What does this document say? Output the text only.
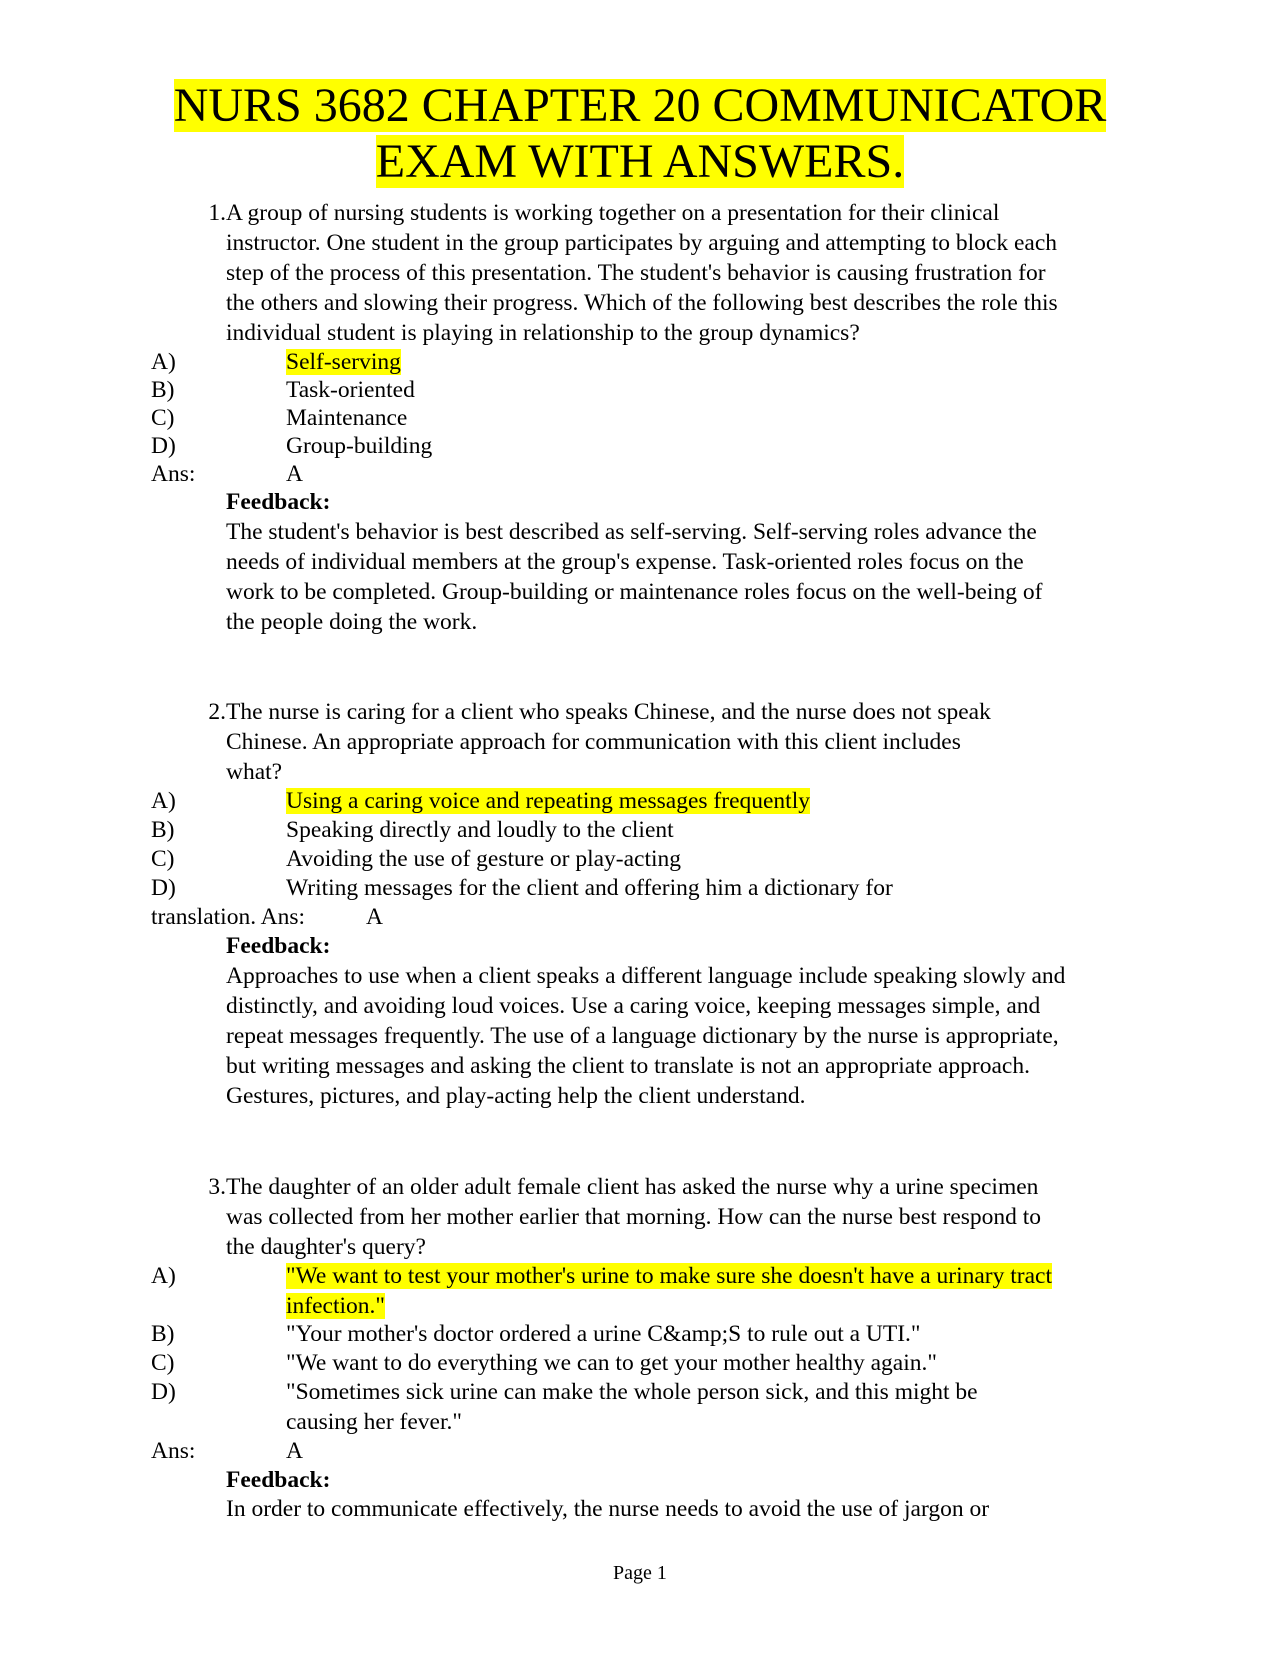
NURS 3682 CHAPTER 20 COMMUNICATOR
EXAM WITH ANSWERS.
1. A group of nursing students is working together on a presentation for their clinical
instructor. One student in the group participates by arguing and attempting to block each
step of the process of this presentation. The student's behavior is causing frustration for
the others and slowing their progress. Which of the following best describes the role this
individual student is playing in relationship to the group dynamics?
A)	Self-serving
B)	Task-oriented
C)	Maintenance
D)	Group-building
Ans:	A
Feedback:
The student's behavior is best described as self-serving. Self-serving roles advance the
needs of individual members at the group's expense. Task-oriented roles focus on the
work to be completed. Group-building or maintenance roles focus on the well-being of
the people doing the work.
2. The nurse is caring for a client who speaks Chinese, and the nurse does not speak
Chinese. An appropriate approach for communication with this client includes
what?
A)	Using a caring voice and repeating messages frequently
B)	Speaking directly and loudly to the client
C)	Avoiding the use of gesture or play-acting
D)	Writing messages for the client and offering him a dictionary for
translation. Ans:	A
Feedback:
Approaches to use when a client speaks a different language include speaking slowly and
distinctly, and avoiding loud voices. Use a caring voice, keeping messages simple, and
repeat messages frequently. The use of a language dictionary by the nurse is appropriate,
but writing messages and asking the client to translate is not an appropriate approach.
Gestures, pictures, and play-acting help the client understand.
3. The daughter of an older adult female client has asked the nurse why a urine specimen
was collected from her mother earlier that morning. How can the nurse best respond to
the daughter's query?
A)	"We want to test your mother's urine to make sure she doesn't have a urinary tract
infection."
B)	"Your mother's doctor ordered a urine C&amp;S to rule out a UTI."
C)	"We want to do everything we can to get your mother healthy again."
D)	"Sometimes sick urine can make the whole person sick, and this might be
causing her fever."
Ans:	A
Feedback:
In order to communicate effectively, the nurse needs to avoid the use of jargon or
Page 1
